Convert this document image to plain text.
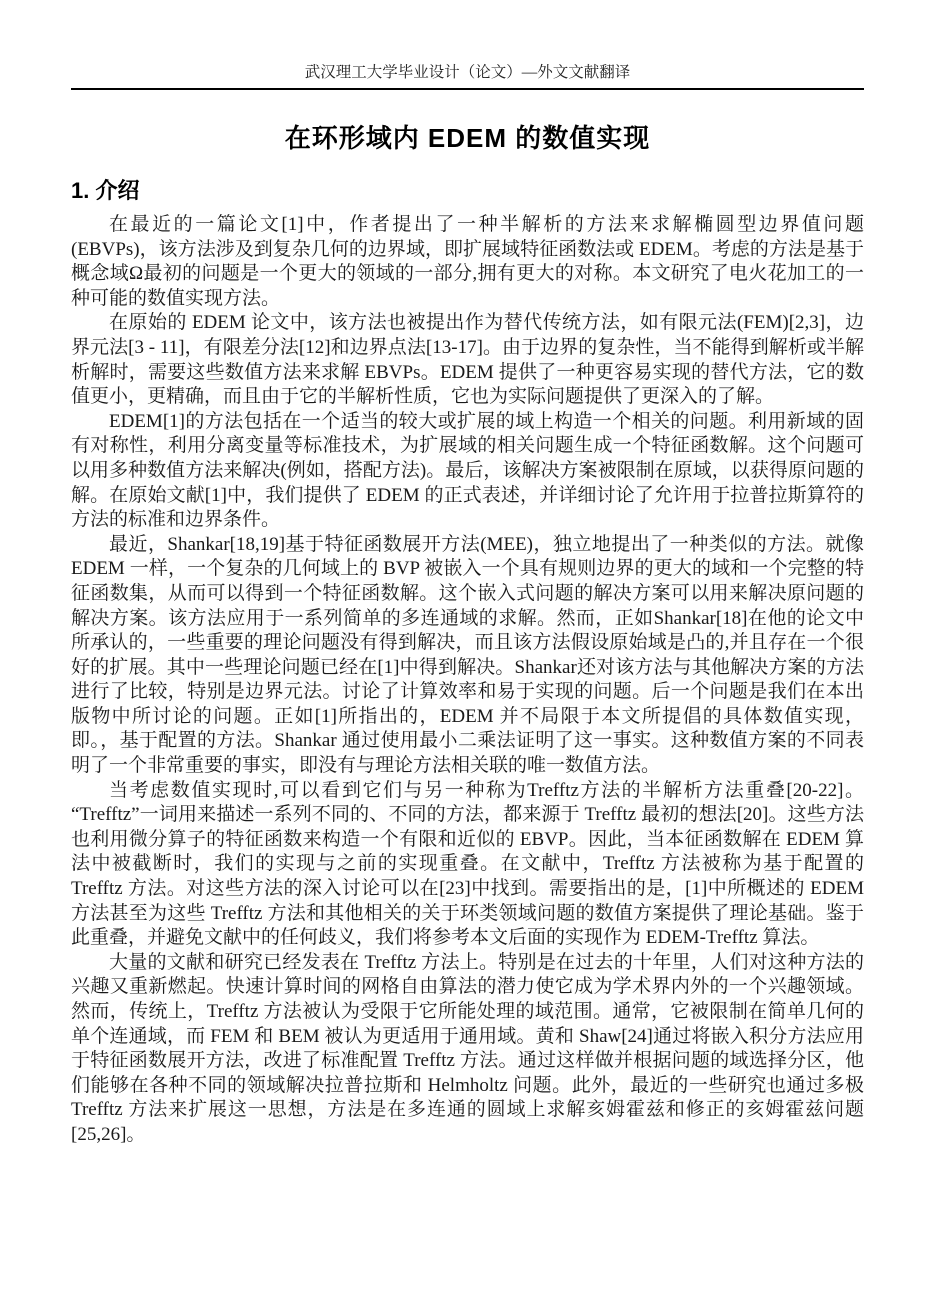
武汉理工大学毕业设计（论文）—外文文献翻译
在环形域内 EDEM 的数值实现
1. 介绍

在最近的一篇论文[1]中，作者提出了一种半解析的方法来求解椭圆型边界值问题(EBVPs)，该方法涉及到复杂几何的边界域，即扩展域特征函数法或 EDEM。考虑的方法是基于概念域Ω最初的问题是一个更大的领域的一部分,拥有更大的对称。本文研究了电火花加工的一种可能的数值实现方法。

在原始的 EDEM 论文中，该方法也被提出作为替代传统方法，如有限元法(FEM)[2,3]，边界元法[3 - 11]，有限差分法[12]和边界点法[13-17]。由于边界的复杂性，当不能得到解析或半解析解时，需要这些数值方法来求解 EBVPs。EDEM 提供了一种更容易实现的替代方法，它的数值更小，更精确，而且由于它的半解析性质，它也为实际问题提供了更深入的了解。

EDEM[1]的方法包括在一个适当的较大或扩展的域上构造一个相关的问题。利用新域的固有对称性，利用分离变量等标准技术，为扩展域的相关问题生成一个特征函数解。这个问题可以用多种数值方法来解决(例如，搭配方法)。最后，该解决方案被限制在原域，以获得原问题的解。在原始文献[1]中，我们提供了 EDEM 的正式表述，并详细讨论了允许用于拉普拉斯算符的方法的标准和边界条件。

最近，Shankar[18,19]基于特征函数展开方法(MEE)，独立地提出了一种类似的方法。就像 EDEM 一样，一个复杂的几何域上的 BVP 被嵌入一个具有规则边界的更大的域和一个完整的特征函数集，从而可以得到一个特征函数解。这个嵌入式问题的解决方案可以用来解决原问题的解决方案。该方法应用于一系列简单的多连通域的求解。然而，正如Shankar[18]在他的论文中所承认的，一些重要的理论问题没有得到解决，而且该方法假设原始域是凸的,并且存在一个很好的扩展。其中一些理论问题已经在[1]中得到解决。Shankar还对该方法与其他解决方案的方法进行了比较，特别是边界元法。讨论了计算效率和易于实现的问题。后一个问题是我们在本出版物中所讨论的问题。正如[1]所指出的，EDEM 并不局限于本文所提倡的具体数值实现，即。，基于配置的方法。Shankar 通过使用最小二乘法证明了这一事实。这种数值方案的不同表明了一个非常重要的事实，即没有与理论方法相关联的唯一数值方法。

当考虑数值实现时,可以看到它们与另一种称为Trefftz方法的半解析方法重叠[20-22]。“Trefftz”一词用来描述一系列不同的、不同的方法，都来源于 Trefftz 最初的想法[20]。这些方法也利用微分算子的特征函数来构造一个有限和近似的 EBVP。因此，当本征函数解在 EDEM 算法中被截断时，我们的实现与之前的实现重叠。在文献中，Trefftz 方法被称为基于配置的 Trefftz 方法。对这些方法的深入讨论可以在[23]中找到。需要指出的是，[1]中所概述的 EDEM 方法甚至为这些 Trefftz 方法和其他相关的关于环类领域问题的数值方案提供了理论基础。鉴于此重叠，并避免文献中的任何歧义，我们将参考本文后面的实现作为 EDEM-Trefftz 算法。

大量的文献和研究已经发表在 Trefftz 方法上。特别是在过去的十年里，人们对这种方法的兴趣又重新燃起。快速计算时间的网格自由算法的潜力使它成为学术界内外的一个兴趣领域。然而，传统上，Trefftz 方法被认为受限于它所能处理的域范围。通常，它被限制在简单几何的单个连通域，而 FEM 和 BEM 被认为更适用于通用域。黄和 Shaw[24]通过将嵌入积分方法应用于特征函数展开方法，改进了标准配置 Trefftz 方法。通过这样做并根据问题的域选择分区，他们能够在各种不同的领域解决拉普拉斯和 Helmholtz 问题。此外，最近的一些研究也通过多极 Trefftz 方法来扩展这一思想，方法是在多连通的圆域上求解亥姆霍兹和修正的亥姆霍兹问题[25,26]。
